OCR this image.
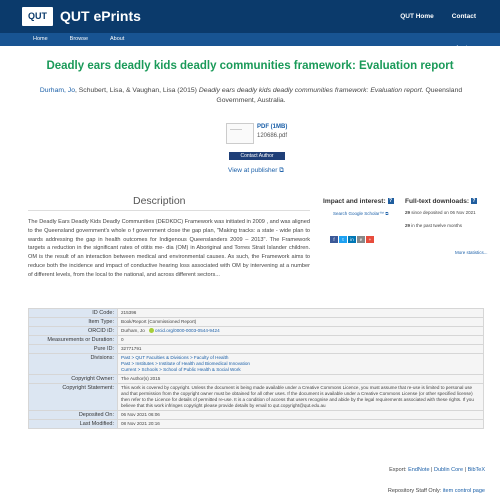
QUT QUT ePrints	QUT Home	Contact
Home	Browse	About
Login
Deadly ears deadly kids deadly communities framework: Evaluation report
Durham, Jo, Schubert, Lisa, & Vaughan, Lisa (2015) Deadly ears deadly kids deadly communities framework: Evaluation report. Queensland Government, Australia.
PDF (1MB)
120686.pdf
Contact Author
View at publisher ⧉
Description
The Deadly Ears Deadly Kids Deadly Communities (DEDKDC) Framework was initiated in 2009 , and was aligned to the Queensland government's whole o f government close the gap plan, "Making tracks: a state - wide plan to wards addressing the gap in health outcomes for Indigenous Queenslanders 2009 – 2013". The Framework targets a reduction in the significant rates of otitis me- dia (OM) in Aboriginal and Torres Strait Islander children. OM is the result of an interaction between medical and environmental causes. As such, the Framework aims to reduce both the incidence and impact of conductive hearing loss associated with OM by intervening at a number of different levels, from the local to the national, and across different sectors...
Impact and interest: ?
Search Google Scholar™ ⧉
Full-text downloads: ?
29 since deposited on 06 Nov 2021
29 in the past twelve months
f	t	in	e	+
More statistics...
ID Code:	215396
Item Type:	Book/Report (Commissioned Report)
ORCID iD:	Durham, Jo orcid.org/0000-0003-0544-9424
Measurements or Duration:	0
Pure ID:	32771791
Divisions:	Past > QUT Faculties & Divisions > Faculty of Health
Past > Institutes > Institute of Health and Biomedical Innovation
Current > Schools > School of Public Health & Social Work
Copyright Owner:	The Author(s) 2015
Copyright Statement:	This work is covered by copyright. Unless the document is being made available under a Creative Commons Licence, you must assume that re-use is limited to personal use and that permission from the copyright owner must be obtained for all other uses. If the document is available under a Creative Commons License (or other specified license) then refer to the Licence for details of permitted re-use. It is a condition of access that users recognise and abide by the legal requirements associated with these rights. If you believe that this work infringes copyright please provide details by email to qut.copyright@qut.edu.au
Deposited On:	06 Nov 2021 06:06
Last Modified:	08 Nov 2021 20:16
Export: EndNote | Dublin Core | BibTeX
Repository Staff Only: item control page
